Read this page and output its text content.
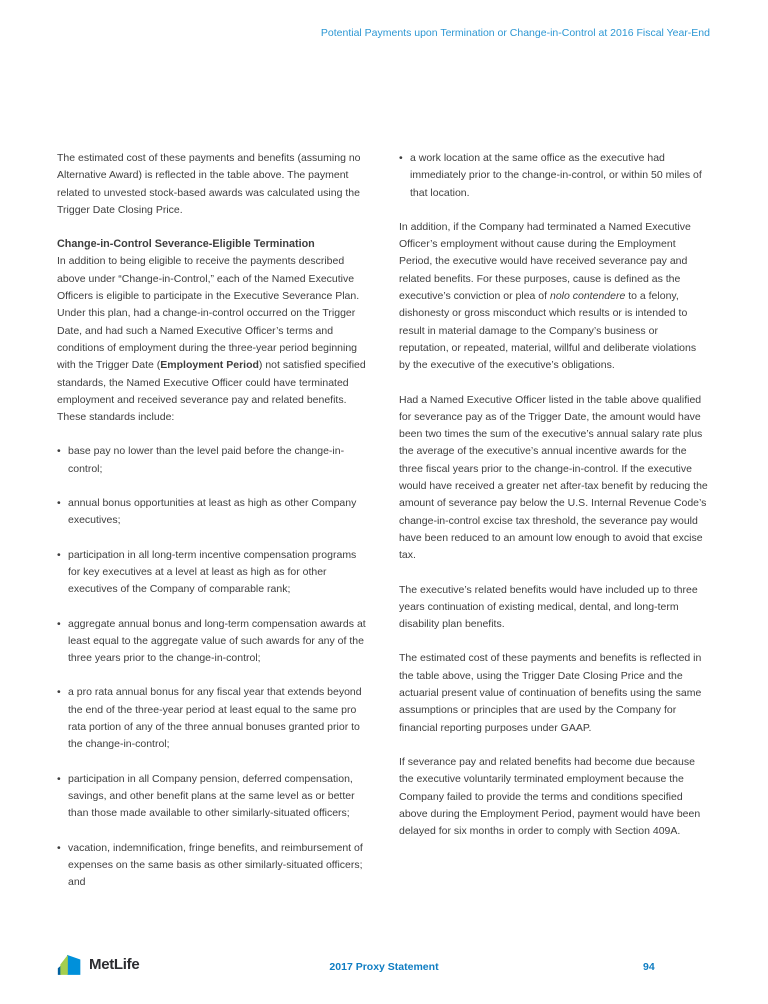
Potential Payments upon Termination or Change-in-Control at 2016 Fiscal Year-End

The estimated cost of these payments and benefits (assuming no Alternative Award) is reflected in the table above. The payment related to unvested stock-based awards was calculated using the Trigger Date Closing Price.

Change-in-Control Severance-Eligible Termination

In addition to being eligible to receive the payments described above under “Change-in-Control,” each of the Named Executive Officers is eligible to participate in the Executive Severance Plan. Under this plan, had a change-in-control occurred on the Trigger Date, and had such a Named Executive Officer’s terms and conditions of employment during the three-year period beginning with the Trigger Date (Employment Period) not satisfied specified standards, the Named Executive Officer could have terminated employment and received severance pay and related benefits. These standards include:

• base pay no lower than the level paid before the change-in-control;
• annual bonus opportunities at least as high as other Company executives;
• participation in all long-term incentive compensation programs for key executives at a level at least as high as for other executives of the Company of comparable rank;
• aggregate annual bonus and long-term compensation awards at least equal to the aggregate value of such awards for any of the three years prior to the change-in-control;
• a pro rata annual bonus for any fiscal year that extends beyond the end of the three-year period at least equal to the same pro rata portion of any of the three annual bonuses granted prior to the change-in-control;
• participation in all Company pension, deferred compensation, savings, and other benefit plans at the same level as or better than those made available to other similarly-situated officers;
• vacation, indemnification, fringe benefits, and reimbursement of expenses on the same basis as other similarly-situated officers; and
• a work location at the same office as the executive had immediately prior to the change-in-control, or within 50 miles of that location.

In addition, if the Company had terminated a Named Executive Officer’s employment without cause during the Employment Period, the executive would have received severance pay and related benefits. For these purposes, cause is defined as the executive’s conviction or plea of nolo contendere to a felony, dishonesty or gross misconduct which results or is intended to result in material damage to the Company’s business or reputation, or repeated, material, willful and deliberate violations by the executive of the executive’s obligations.

Had a Named Executive Officer listed in the table above qualified for severance pay as of the Trigger Date, the amount would have been two times the sum of the executive’s annual salary rate plus the average of the executive’s annual incentive awards for the three fiscal years prior to the change-in-control. If the executive would have received a greater net after-tax benefit by reducing the amount of severance pay below the U.S. Internal Revenue Code’s change-in-control excise tax threshold, the severance pay would have been reduced to an amount low enough to avoid that excise tax.

The executive’s related benefits would have included up to three years continuation of existing medical, dental, and long-term disability plan benefits.

The estimated cost of these payments and benefits is reflected in the table above, using the Trigger Date Closing Price and the actuarial present value of continuation of benefits using the same assumptions or principles that are used by the Company for financial reporting purposes under GAAP.

If severance pay and related benefits had become due because the executive voluntarily terminated employment because the Company failed to provide the terms and conditions specified above during the Employment Period, payment would have been delayed for six months in order to comply with Section 409A.

MetLife	2017 Proxy Statement	94
